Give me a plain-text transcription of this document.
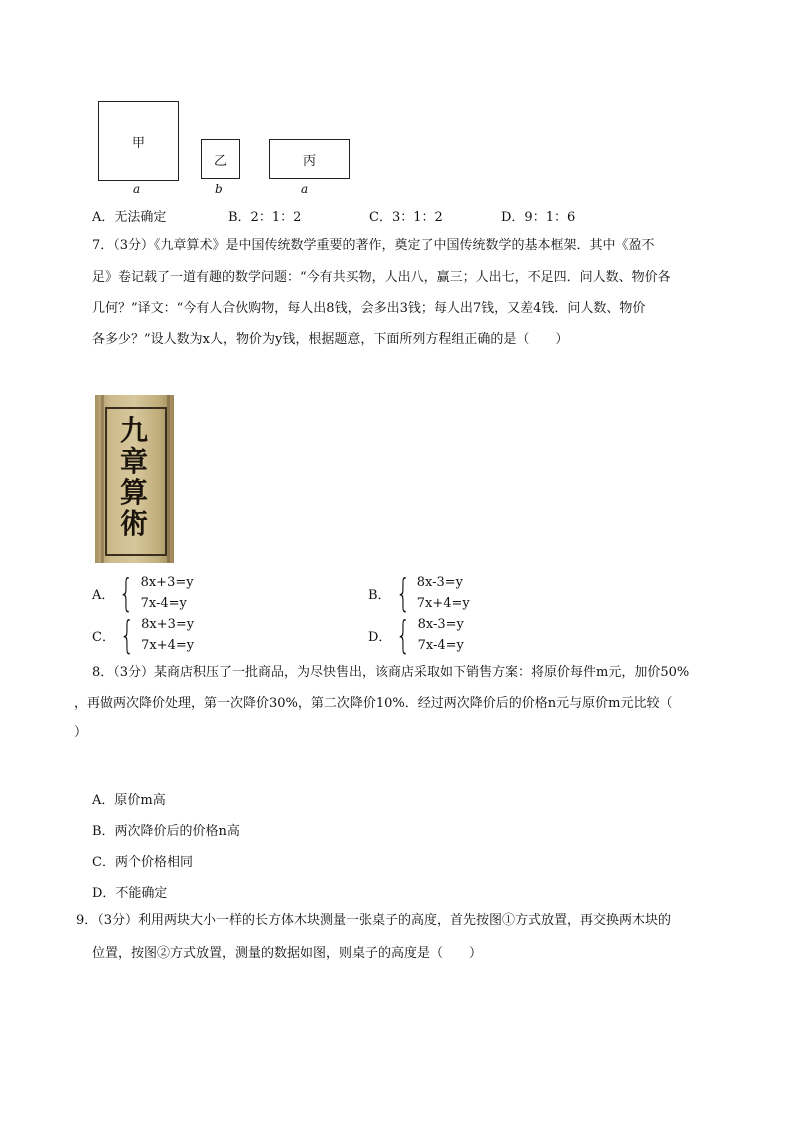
甲
乙	丙
a	b	a
A．无法确定	B．2：1：2	C．3：1：2	D．9：1：6
7．（3分）《九章算术》是中国传统数学重要的著作，奠定了中国传统数学的基本框架．其中《盈不
足》卷记载了一道有趣的数学问题：“今有共买物，人出八，赢三；人出七，不足四．问人数、物价各
几何？”译文：“今有人合伙购物，每人出8钱，会多出3钱；每人出7钱，又差4钱．问人数、物价
各多少？”设人数为x人，物价为y钱，根据题意，下面所列方程组正确的是（　　）
九
章
算
術
A． { 8x+3=y
7x-4=y
B． { 8x-3=y
7x+4=y
C． { 8x+3=y
7x+4=y
D． { 8x-3=y
7x-4=y
8．（3分）某商店积压了一批商品，为尽快售出，该商店采取如下销售方案：将原价每件m元，加价50%
，再做两次降价处理，第一次降价30%，第二次降价10%．经过两次降价后的价格n元与原价m元比较（
）
A．原价m高
B．两次降价后的价格n高
C．两个价格相同
D．不能确定
9．（3分）利用两块大小一样的长方体木块测量一张桌子的高度，首先按图①方式放置，再交换两木块的
位置，按图②方式放置，测量的数据如图，则桌子的高度是（　　）
